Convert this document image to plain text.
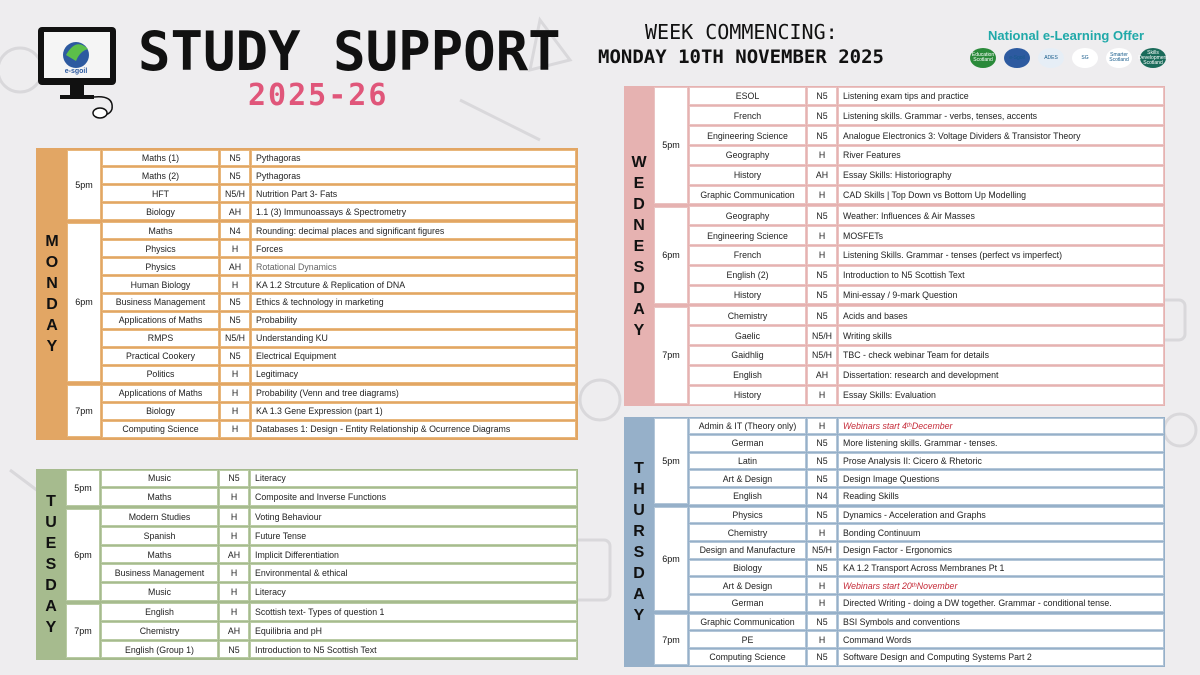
e-sgoil STUDY SUPPORT
2025-26
WEEK COMMENCING:
MONDAY 10TH NOVEMBER 2025
National e-Learning Offer
Education Scotland	e-Sgoil	ADES	SG	Smarter Scotland
Skills Development Scotland
M
O
N
D
A
Y
5pm
Maths (1)	N5	Pythagoras
Maths (2)	N5	Pythagoras
HFT	N5/H	Nutrition Part 3- Fats
Biology	AH	1.1 (3) Immunoassays & Spectrometry
6pm
Maths	N4	Rounding: decimal places and significant figures
Physics	H	Forces
Physics	AH	Rotational Dynamics
Human Biology	H	KA 1.2 Strcuture & Replication of DNA
Business Management	N5	Ethics & technology in marketing
Applications of Maths	N5	Probability
RMPS	N5/H	Understanding KU
Practical Cookery	N5	Electrical Equipment
Politics	H	Legitimacy
7pm
Applications of Maths	H	Probability (Venn and tree diagrams)
Biology	H	KA 1.3 Gene Expression (part 1)
Computing Science	H	Databases 1: Design - Entity Relationship & Ocurrence Diagrams
T
U
E
S
D
A
Y
5pm
Music	N5	Literacy
Maths	H	Composite and Inverse Functions
6pm
Modern Studies	H	Voting Behaviour
Spanish	H	Future Tense
Maths	AH	Implicit Differentiation
Business Management	H	Environmental & ethical
Music	H	Literacy
7pm
English	H	Scottish text- Types of question 1
Chemistry	AH	Equilibria and pH
English (Group 1)	N5	Introduction to N5 Scottish Text
W
E
D
N
E
S
D
A
Y
5pm
ESOL	N5	Listening exam tips and practice
French	N5	Listening skills. Grammar - verbs, tenses, accents
Engineering Science	N5	Analogue Electronics 3: Voltage Dividers & Transistor Theory
Geography	H	River Features
History	AH	Essay Skills: Historiography
Graphic Communication	H	CAD Skills | Top Down vs Bottom Up Modelling
6pm
Geography	N5	Weather: Influences & Air Masses
Engineering Science	H	MOSFETs
French	H	Listening Skills. Grammar - tenses (perfect vs imperfect)
English (2)	N5	Introduction to N5 Scottish Text
History	N5	Mini-essay / 9-mark Question
7pm
Chemistry	N5	Acids and bases
Gaelic	N5/H	Writing skills
Gaidhlig	N5/H	TBC - check webinar Team for details
English	AH	Dissertation: research and development
History	H	Essay Skills: Evaluation
T
H
U
R
S
D
A
Y
5pm
Admin & IT (Theory only)	H	Webinars start 4 th December
German	N5	More listening skills. Grammar - tenses.
Latin	N5	Prose Analysis II: Cicero & Rhetoric
Art & Design	N5	Design Image Questions
English	N4	Reading Skills
6pm
Physics	N5	Dynamics - Acceleration and Graphs
Chemistry	H	Bonding Continuum
Design and Manufacture	N5/H	Design Factor - Ergonomics
Biology	N5	KA 1.2 Transport Across Membranes Pt 1
Art & Design	H	Webinars start 20 th November
German	H	Directed Writing - doing a DW together. Grammar - conditional tense.
7pm
Graphic Communication	N5	BSI Symbols and conventions
PE	H	Command Words
Computing Science	N5	Software Design and Computing Systems Part 2
